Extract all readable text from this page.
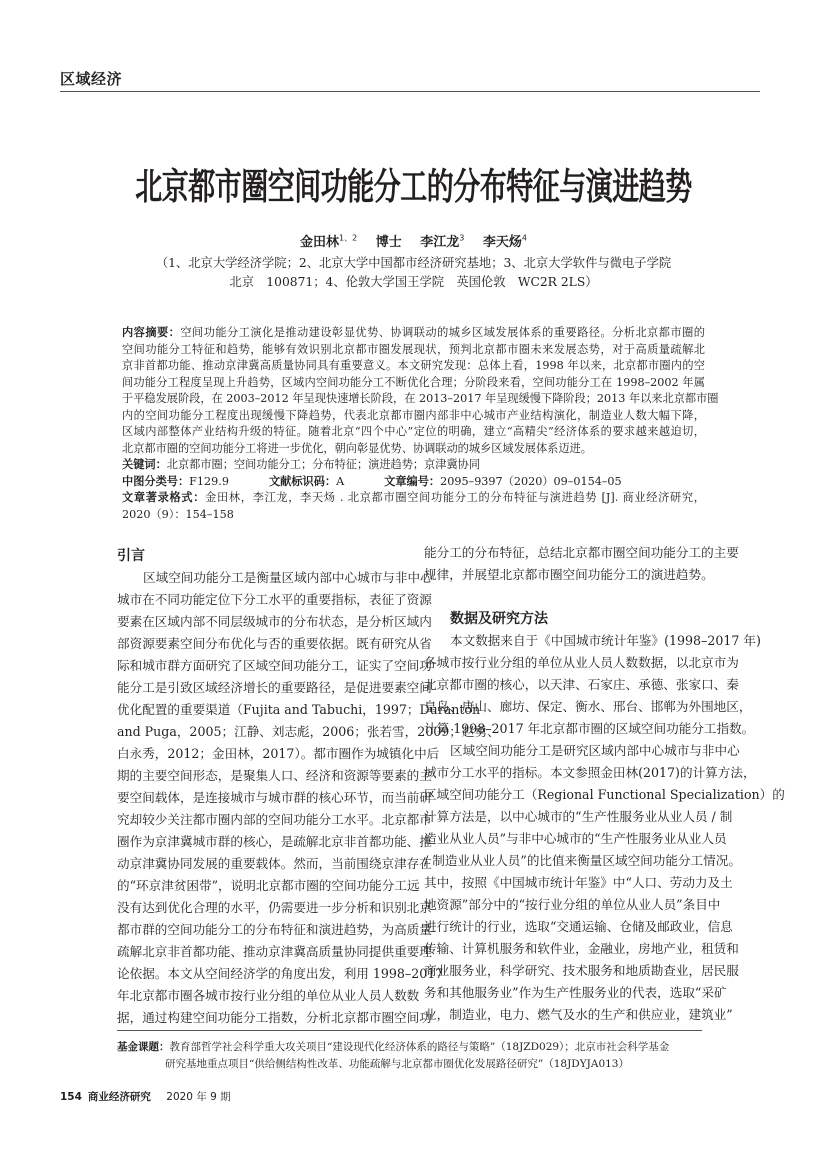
区域经济
北京都市圈空间功能分工的分布特征与演进趋势
金田林$^{1、2}$ 博士 李江龙$^3$ 李天炀$^4$
（1、北京大学经济学院；2、北京大学中国都市经济研究基地；3、北京大学软件与微电子学院
北京　100871；4、伦敦大学国王学院　英国伦敦　WC2R 2LS）
内容摘要：空间功能分工演化是推动建设彰显优势、协调联动的城乡区域发展体系的重要路径。分析北京都市圈的
空间功能分工特征和趋势，能够有效识别北京都市圈发展现状，预判北京都市圈未来发展态势，对于高质量疏解北
京非首都功能、推动京津冀高质量协同具有重要意义。本文研究发现：总体上看，1998 年以来，北京都市圈内的空
间功能分工程度呈现上升趋势，区域内空间功能分工不断优化合理；分阶段来看，空间功能分工在 1998–2002 年属
于平稳发展阶段，在 2003–2012 年呈现快速增长阶段，在 2013–2017 年呈现缓慢下降阶段；2013 年以来北京都市圈
内的空间功能分工程度出现缓慢下降趋势，代表北京都市圈内部非中心城市产业结构演化，制造业人数大幅下降，
区域内部整体产业结构升级的特征。随着北京“四个中心”定位的明确，建立“高精尖”经济体系的要求越来越迫切，
北京都市圈的空间功能分工将进一步优化，朝向彰显优势、协调联动的城乡区域发展体系迈进。
关键词：北京都市圈；空间功能分工；分布特征；演进趋势；京津冀协同
中图分类号：F129.9	文献标识码：A	文章编号：2095–9397（2020）09–0154–05
文章著录格式：金田林，李江龙，李天炀 . 北京都市圈空间功能分工的分布特征与演进趋势 [J]. 商业经济研究，
2020（9）：154–158
引言
区域空间功能分工是衡量区域内部中心城市与非中心
城市在不同功能定位下分工水平的重要指标，表征了资源
要素在区域内部不同层级城市的分布状态，是分析区域内
部资源要素空间分布优化与否的重要依据。既有研究从省
际和城市群方面研究了区域空间功能分工，证实了空间功
能分工是引致区域经济增长的重要路径，是促进要素空间
优化配置的重要渠道（Fujita and Tabuchi，1997；Duranton
and Puga，2005；江静、刘志彪，2006；张若雪，2009；赵勇、
白永秀，2012；金田林，2017）。都市圈作为城镇化中后
期的主要空间形态，是聚集人口、经济和资源等要素的主
要空间载体，是连接城市与城市群的核心环节，而当前研
究却较少关注都市圈内部的空间功能分工水平。北京都市
圈作为京津冀城市群的核心，是疏解北京非首都功能、推
动京津冀协同发展的重要载体。然而，当前围绕京津存在
的“环京津贫困带”，说明北京都市圈的空间功能分工远
没有达到优化合理的水平，仍需要进一步分析和识别北京
都市群的空间功能分工的分布特征和演进趋势，为高质量
疏解北京非首都功能、推动京津冀高质量协同提供重要理
论依据。本文从空间经济学的角度出发，利用 1998–2017
年北京都市圈各城市按行业分组的单位从业人员人数数
据，通过构建空间功能分工指数，分析北京都市圈空间功
能分工的分布特征，总结北京都市圈空间功能分工的主要
规律，并展望北京都市圈空间功能分工的演进趋势。
数据及研究方法
本文数据来自于《中国城市统计年鉴》(1998–2017 年)
各城市按行业分组的单位从业人员人数数据，以北京市为
北京都市圈的核心，以天津、石家庄、承德、张家口、秦
皇岛、唐山、廊坊、保定、衡水、邢台、邯郸为外围地区，
计算 1998–2017 年北京都市圈的区域空间功能分工指数。
区域空间功能分工是研究区域内部中心城市与非中心
城市分工水平的指标。本文参照金田林(2017)的计算方法，
区域空间功能分工（Regional Functional Specialization）的
计算方法是，以中心城市的“生产性服务业从业人员 / 制
造业从业人员”与非中心城市的“生产性服务业从业人员
/ 制造业从业人员”的比值来衡量区域空间功能分工情况。
其中，按照《中国城市统计年鉴》中“人口、劳动力及土
地资源”部分中的“按行业分组的单位从业人员”条目中
进行统计的行业，选取“交通运输、仓储及邮政业，信息
传输、计算机服务和软件业，金融业，房地产业，租赁和
商业服务业，科学研究、技术服务和地质勘查业，居民服
务和其他服务业”作为生产性服务业的代表，选取“采矿
业，制造业，电力、燃气及水的生产和供应业，建筑业”
基金课题：教育部哲学社会科学重大攻关项目“建设现代化经济体系的路径与策略”（18JZD029）；北京市社会科学基金
研究基地重点项目“供给侧结构性改革、功能疏解与北京都市圈优化发展路径研究”（18JDYJA013）
154 商业经济研究 2020 年 9 期
